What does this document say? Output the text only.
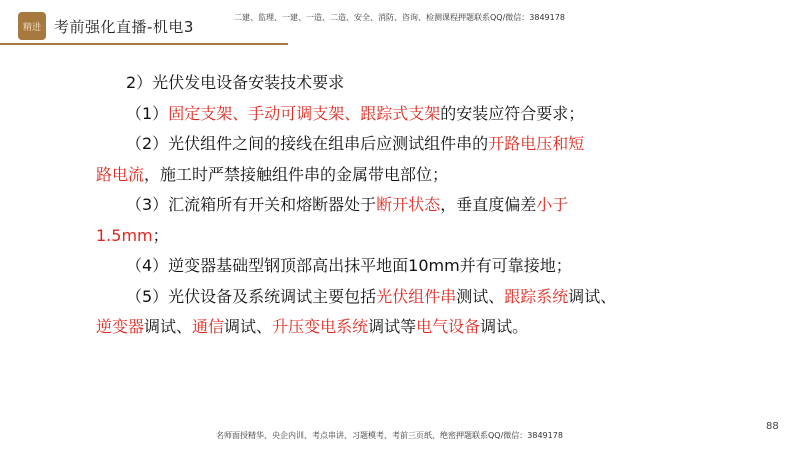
精进 考前强化直播-机电3
二建、监理、一建、一造、二造、安全、消防、咨询、检测课程押题联系QQ/微信：3849178
2）光伏发电设备安装技术要求
（1）固定支架、手动可调支架、跟踪式支架的安装应符合要求；
（2）光伏组件之间的接线在组串后应测试组件串的开路电压和短
路电流，施工时严禁接触组件串的金属带电部位；
（3）汇流箱所有开关和熔断器处于断开状态，垂直度偏差小于
1.5mm；
（4）逆变器基础型钢顶部高出抹平地面10mm并有可靠接地；
（5）光伏设备及系统调试主要包括光伏组件串测试、跟踪系统调试、
逆变器调试、通信调试、升压变电系统调试等电气设备调试。
88
名师面授精华、央企内训、考点串讲、习题模考、考前三页纸、绝密押题联系QQ/微信：3849178
